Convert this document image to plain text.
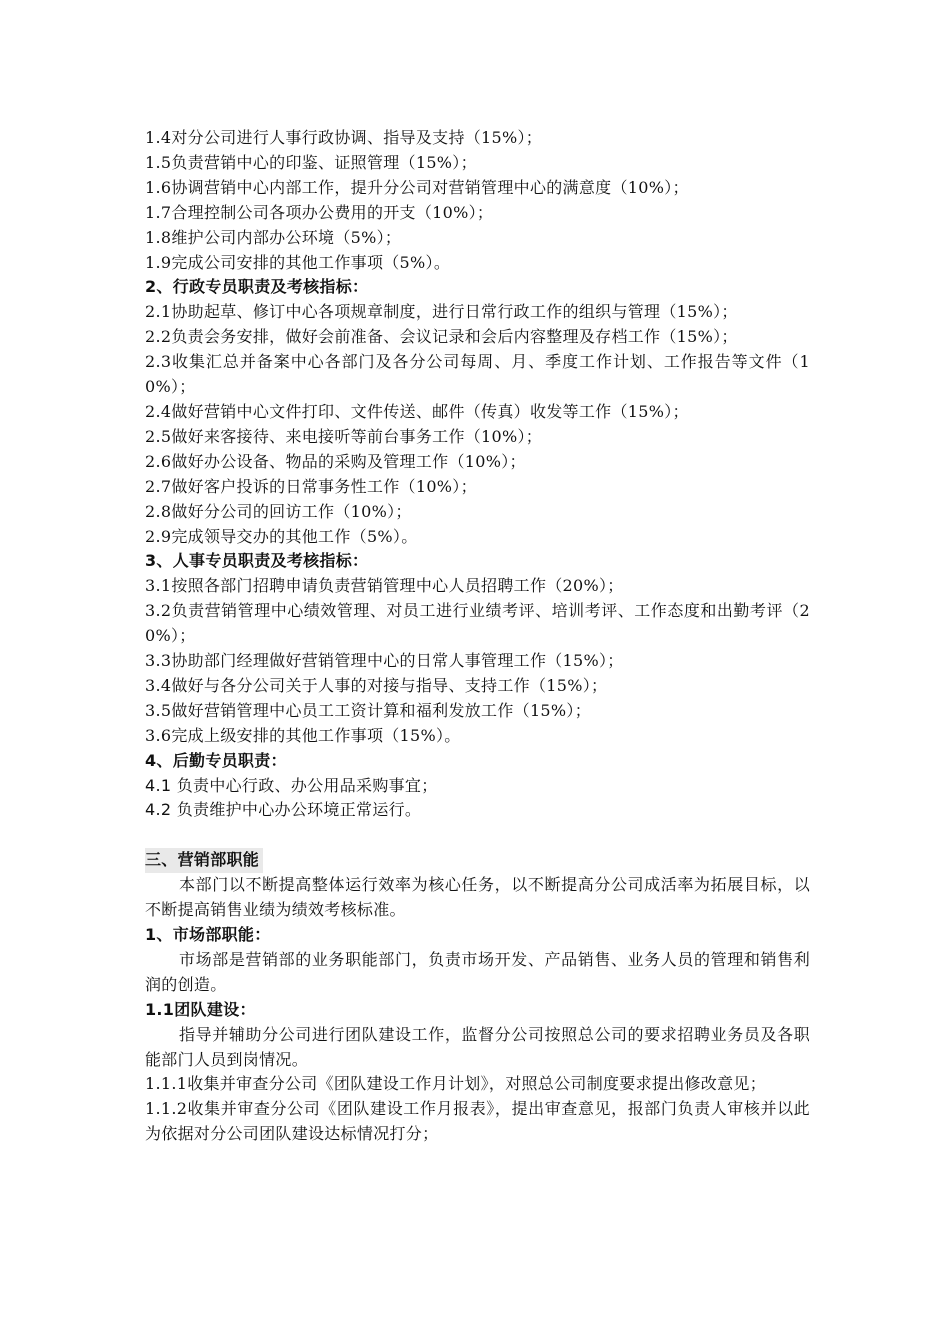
1.4对分公司进行人事行政协调、指导及支持（15%）；
1.5负责营销中心的印鉴、证照管理（15%）；
1.6协调营销中心内部工作，提升分公司对营销管理中心的满意度（10%）；
1.7合理控制公司各项办公费用的开支（10%）；
1.8维护公司内部办公环境（5%）；
1.9完成公司安排的其他工作事项（5%）。
2、行政专员职责及考核指标：
2.1协助起草、修订中心各项规章制度，进行日常行政工作的组织与管理（15%）；
2.2负责会务安排，做好会前准备、会议记录和会后内容整理及存档工作（15%）；
2.3收集汇总并备案中心各部门及各分公司每周、月、季度工作计划、工作报告等文件（10%）；
2.4做好营销中心文件打印、文件传送、邮件（传真）收发等工作（15%）；
2.5做好来客接待、来电接听等前台事务工作（10%）；
2.6做好办公设备、物品的采购及管理工作（10%）；
2.7做好客户投诉的日常事务性工作（10%）；
2.8做好分公司的回访工作（10%）；
2.9完成领导交办的其他工作（5%）。
3、人事专员职责及考核指标：
3.1按照各部门招聘申请负责营销管理中心人员招聘工作（20%）；
3.2负责营销管理中心绩效管理、对员工进行业绩考评、培训考评、工作态度和出勤考评（20%）；
3.3协助部门经理做好营销管理中心的日常人事管理工作（15%）；
3.4做好与各分公司关于人事的对接与指导、支持工作（15%）；
3.5做好营销管理中心员工工资计算和福利发放工作（15%）；
3.6完成上级安排的其他工作事项（15%）。
4、后勤专员职责：
4.1 负责中心行政、办公用品采购事宜；
4.2 负责维护中心办公环境正常运行。
三、营销部职能
本部门以不断提高整体运行效率为核心任务，以不断提高分公司成活率为拓展目标，以不断提高销售业绩为绩效考核标准。
1、市场部职能：
市场部是营销部的业务职能部门，负责市场开发、产品销售、业务人员的管理和销售利润的创造。
1.1团队建设：
指导并辅助分公司进行团队建设工作，监督分公司按照总公司的要求招聘业务员及各职能部门人员到岗情况。
1.1.1收集并审查分公司《团队建设工作月计划》，对照总公司制度要求提出修改意见；
1.1.2收集并审查分公司《团队建设工作月报表》，提出审查意见，报部门负责人审核并以此为依据对分公司团队建设达标情况打分；
